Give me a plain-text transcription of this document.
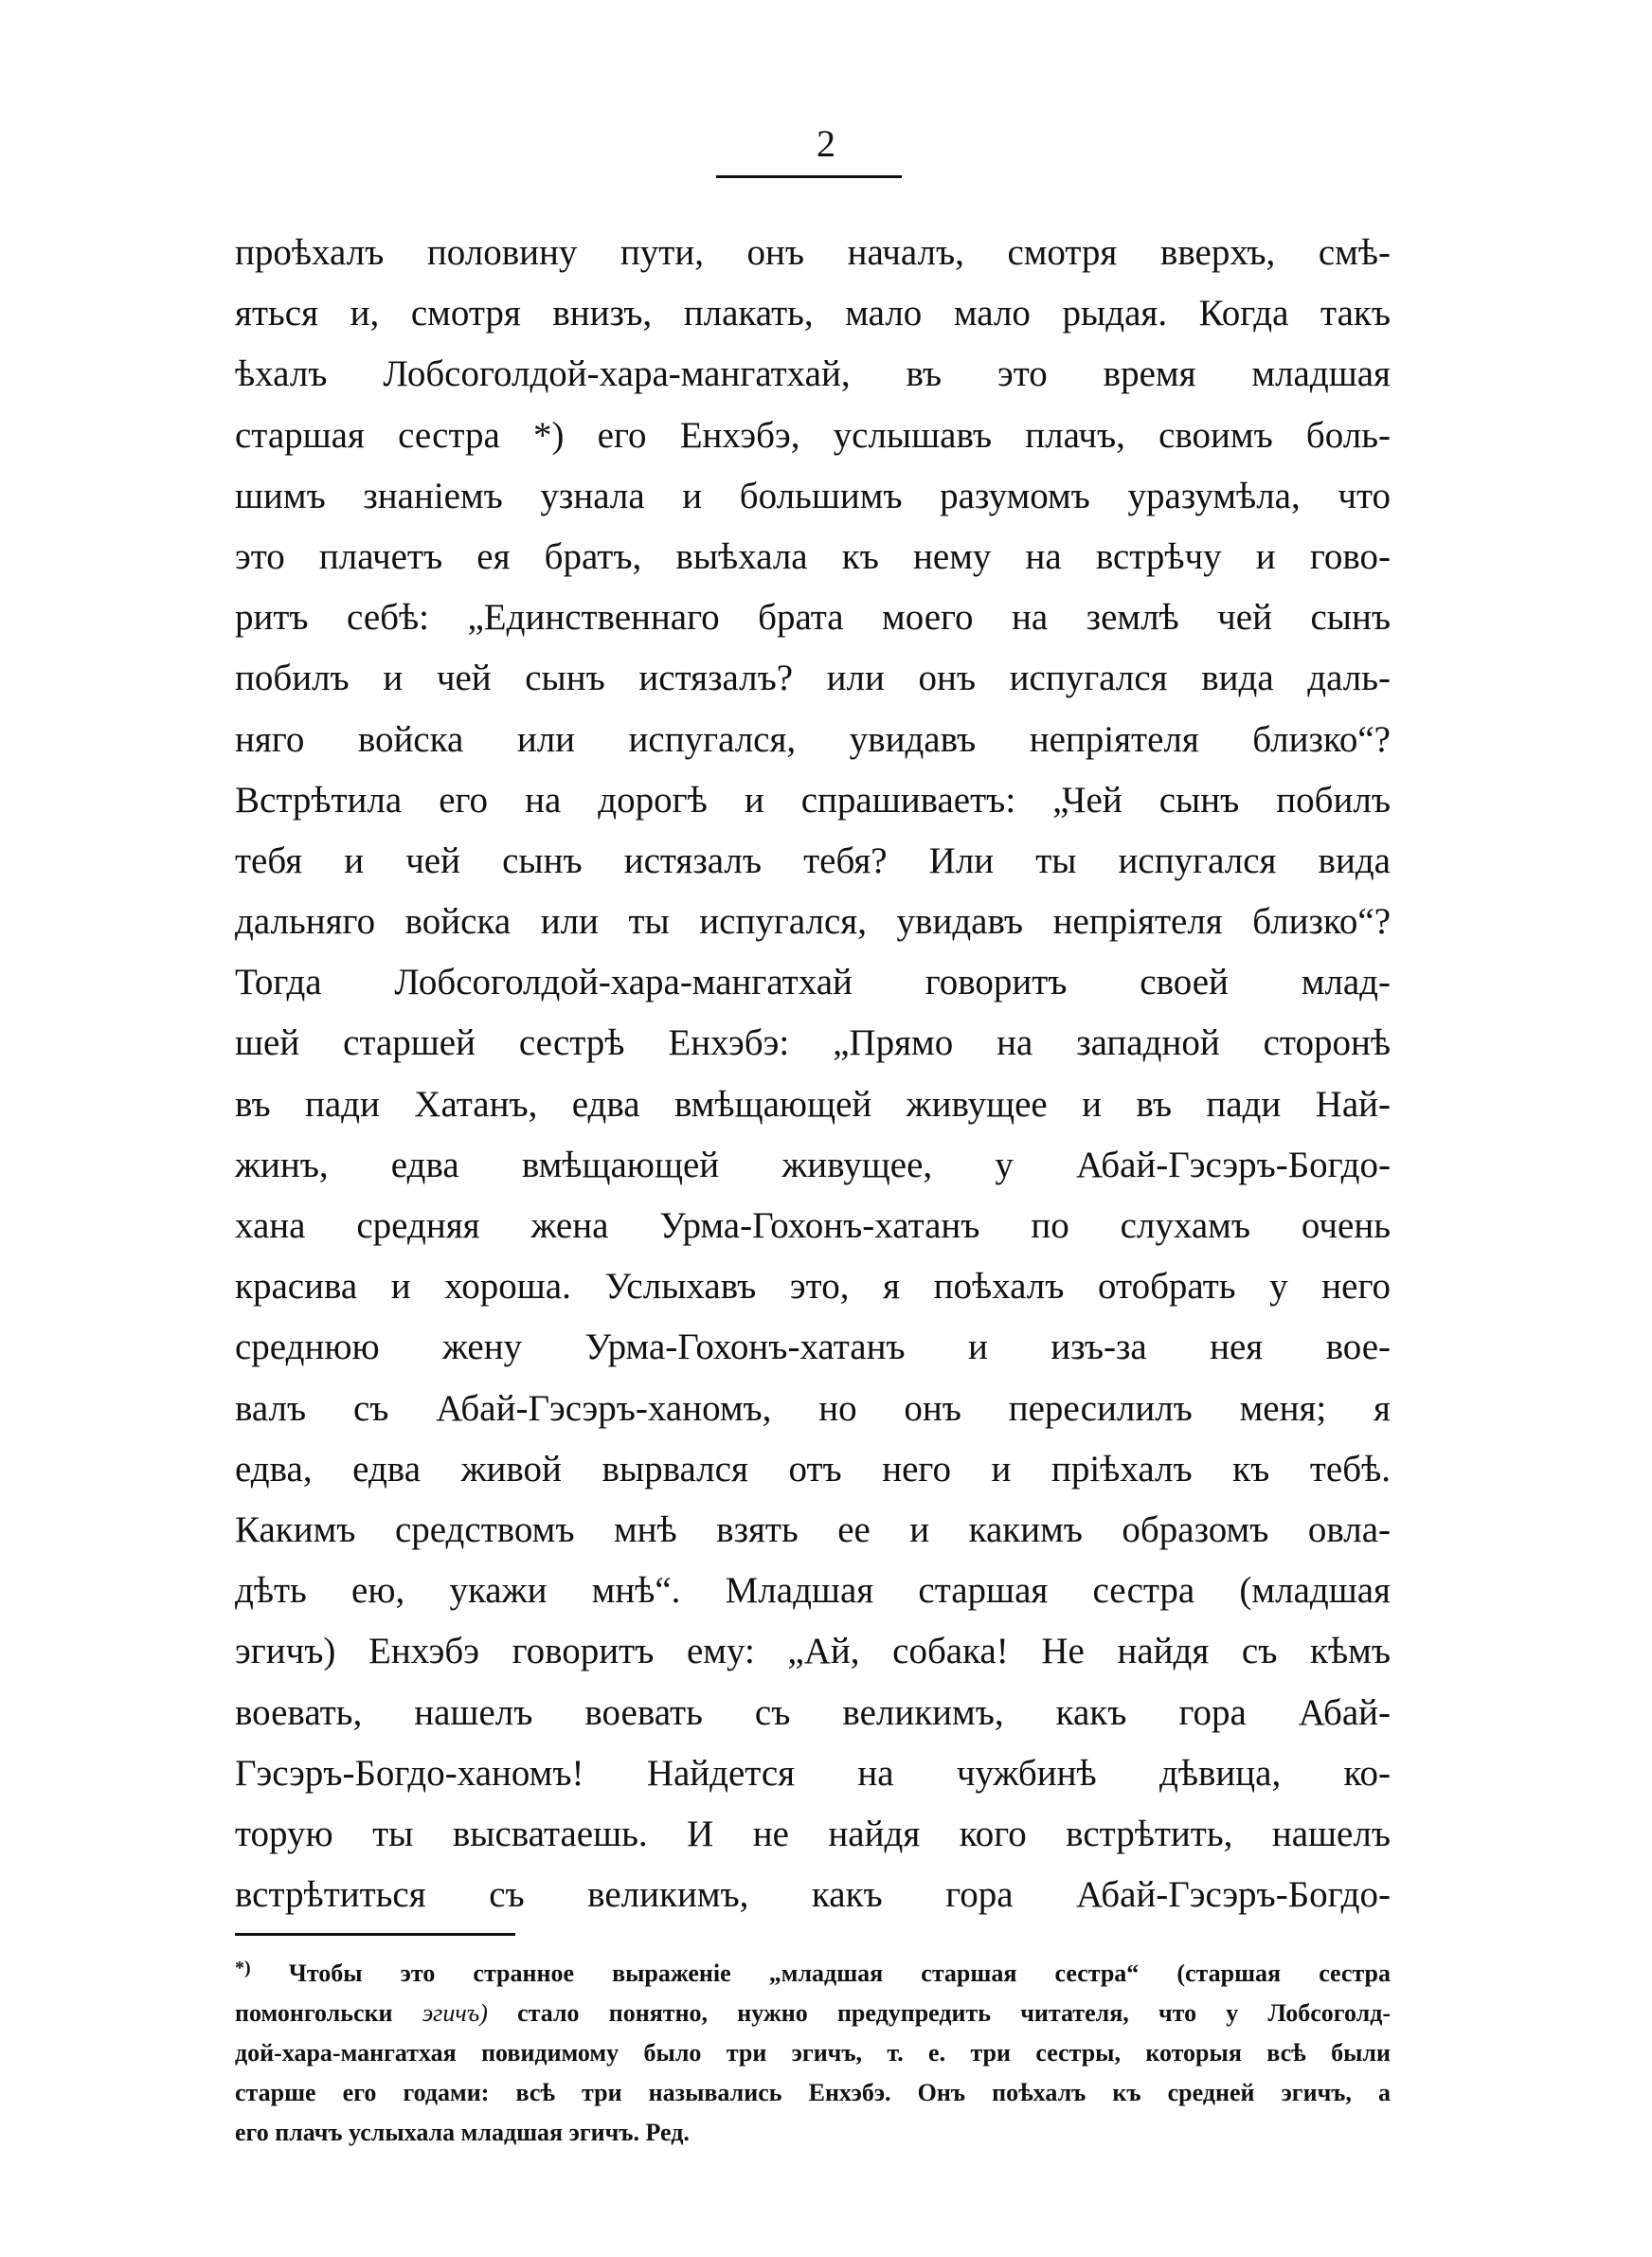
2
проѣхалъ половину пути, онъ началъ, смотря вверхъ, смѣ-
яться и, смотря внизъ, плакать, мало мало рыдая. Когда такъ
ѣхалъ Лобсоголдой-хара-мангатхай, въ это время младшая
старшая сестра *) его Енхэбэ, услышавъ плачъ, своимъ боль-
шимъ знаніемъ узнала и большимъ разумомъ уразумѣла, что
это плачетъ ея братъ, выѣхала къ нему на встрѣчу и гово-
ритъ себѣ: „Единственнаго брата моего на землѣ чей сынъ
побилъ и чей сынъ истязалъ? или онъ испугался вида даль-
няго войска или испугался, увидавъ непріятеля близко“?
Встрѣтила его на дорогѣ и спрашиваетъ: „Чей сынъ побилъ
тебя и чей сынъ истязалъ тебя? Или ты испугался вида
дальняго войска или ты испугался, увидавъ непріятеля близко“?
Тогда Лобсоголдой-хара-мангатхай говоритъ своей млад-
шей старшей сестрѣ Енхэбэ: „Прямо на западной сторонѣ
въ пади Хатанъ, едва вмѣщающей живущее и въ пади Най-
жинъ, едва вмѣщающей живущее, у Абай-Гэсэръ-Богдо-
хана средняя жена Урма-Гохонъ-хатанъ по слухамъ очень
красива и хороша. Услыхавъ это, я поѣхалъ отобрать у него
среднюю жену Урма-Гохонъ-хатанъ и изъ-за нея вое-
валъ съ Абай-Гэсэръ-ханомъ, но онъ пересилилъ меня; я
едва, едва живой вырвался отъ него и пріѣхалъ къ тебѣ.
Какимъ средствомъ мнѣ взять ее и какимъ образомъ овла-
дѣть ею, укажи мнѣ“. Младшая старшая сестра (младшая
эгичъ) Енхэбэ говоритъ ему: „Ай, собака! Не найдя съ кѣмъ
воевать, нашелъ воевать съ великимъ, какъ гора Абай-
Гэсэръ-Богдо-ханомъ! Найдется на чужбинѣ дѣвица, ко-
торую ты высватаешь. И не найдя кого встрѣтить, нашелъ
встрѣтиться съ великимъ, какъ гора Абай-Гэсэръ-Богдо-
*) Чтобы это странное выраженіе „младшая старшая сестра“ (старшая сестра
помонгольски эгичъ) стало понятно, нужно предупредить читателя, что у Лобсоголд-
дой-хара-мангатхая повидимому было три эгичъ, т. е. три сестры, которыя всѣ были
старше его годами: всѣ три назывались Енхэбэ. Онъ поѣхалъ къ средней эгичъ, а
его плачъ услыхала младшая эгичъ. Ред.
